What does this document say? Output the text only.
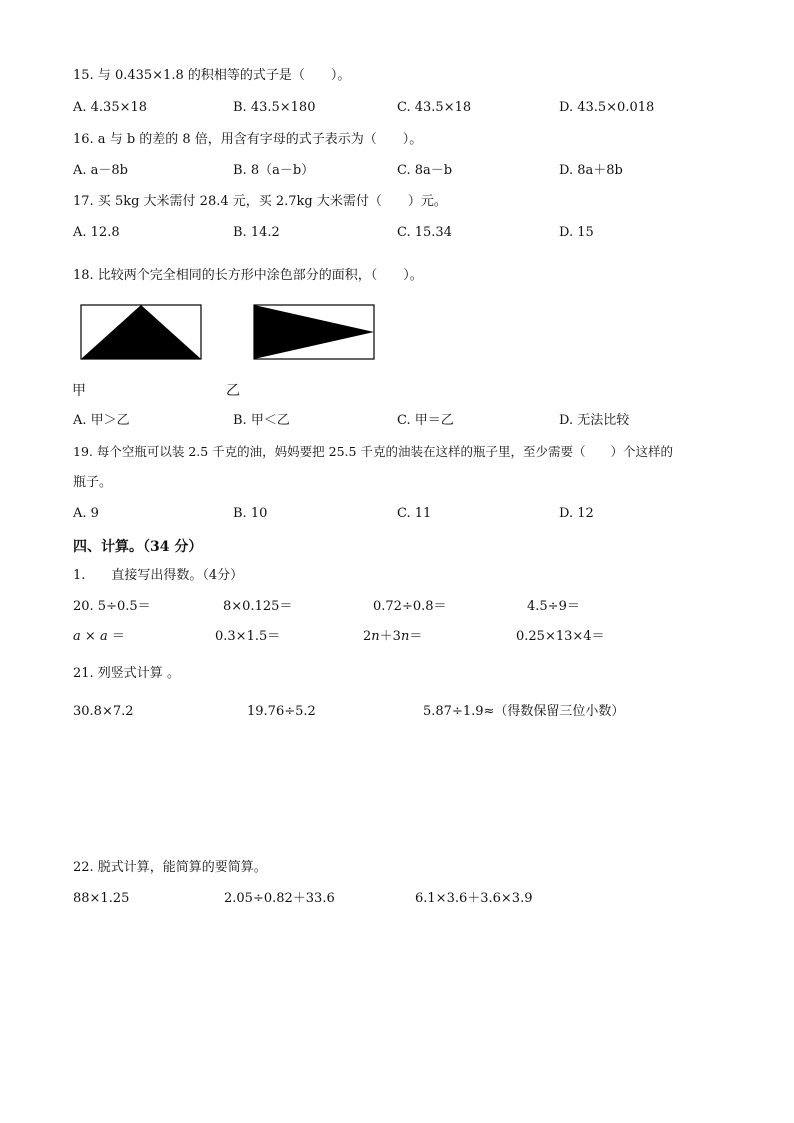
15. 与 0.435×1.8 的积相等的式子是（　　）。
A. 4.35×18	B. 43.5×180	C. 43.5×18	D. 43.5×0.018
16. a 与 b 的差的 8 倍，用含有字母的式子表示为（　　）。
A. a－8b	B. 8（a－b）	C. 8a－b	D. 8a＋8b
17. 买 5kg 大米需付 28.4 元，买 2.7kg 大米需付（　　）元。
A. 12.8	B. 14.2	C. 15.34	D. 15
18. 比较两个完全相同的长方形中涂色部分的面积，（　　）。
甲	乙
A. 甲＞乙	B. 甲＜乙	C. 甲＝乙	D. 无法比较
19. 每个空瓶可以装 2.5 千克的油，妈妈要把 25.5 千克的油装在这样的瓶子里，至少需要（　　）个这样的
瓶子。
A. 9	B. 10	C. 11	D. 12
四、计算。（34 分）
1.　　直接写出得数。（4分）
20. 5÷0.5＝	8×0.125＝	0.72÷0.8＝	4.5÷9＝
a × a ＝	0.3×1.5＝	2n＋3n＝	0.25×13×4＝
21. 列竖式计算 。
30.8×7.2	19.76÷5.2	5.87÷1.9≈（得数保留三位小数）
22. 脱式计算，能简算的要简算。
88×1.25	2.05÷0.82＋33.6	6.1×3.6＋3.6×3.9
